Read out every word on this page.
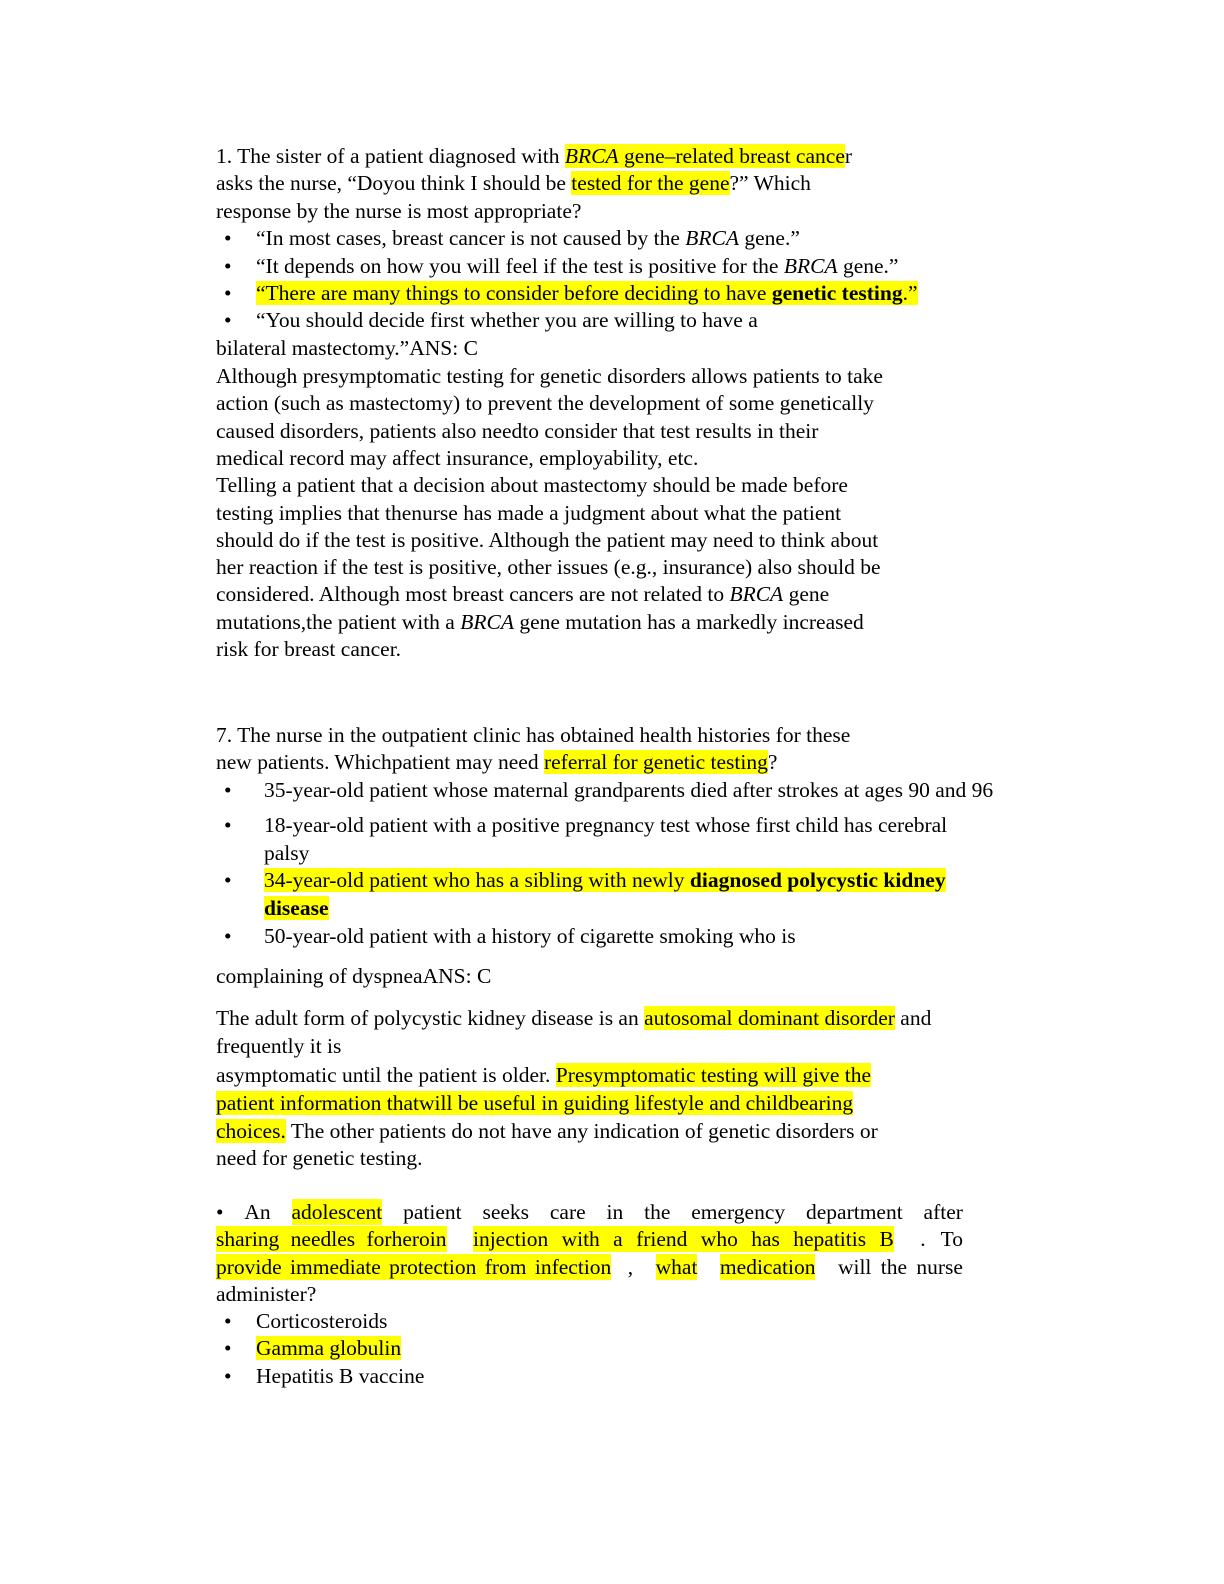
1. The sister of a patient diagnosed with BRCA gene–related breast cancer
asks the nurse, “Doyou think I should be tested for the gene?” Which
response by the nurse is most appropriate?
• “In most cases, breast cancer is not caused by the BRCA gene.”
• “It depends on how you will feel if the test is positive for the BRCA gene.”
• “There are many things to consider before deciding to have genetic testing.”
• “You should decide first whether you are willing to have a
bilateral mastectomy.”ANS: C
Although presymptomatic testing for genetic disorders allows patients to take
action (such as mastectomy) to prevent the development of some genetically
caused disorders, patients also needto consider that test results in their
medical record may affect insurance, employability, etc.
Telling a patient that a decision about mastectomy should be made before
testing implies that thenurse has made a judgment about what the patient
should do if the test is positive. Although the patient may need to think about
her reaction if the test is positive, other issues (e.g., insurance) also should be
considered. Although most breast cancers are not related to BRCA gene
mutations,the patient with a BRCA gene mutation has a markedly increased
risk for breast cancer.
7. The nurse in the outpatient clinic has obtained health histories for these
new patients. Whichpatient may need referral for genetic testing?
• 35-year-old patient whose maternal grandparents died after strokes at ages 90 and 96
• 18-year-old patient with a positive pregnancy test whose first child has cerebral
palsy
• 34-year-old patient who has a sibling with newly diagnosed polycystic kidney
disease
• 50-year-old patient with a history of cigarette smoking who is
complaining of dyspneaANS: C
The adult form of polycystic kidney disease is an autosomal dominant disorder and
frequently it is
asymptomatic until the patient is older. Presymptomatic testing will give the
patient information thatwill be useful in guiding lifestyle and childbearing
choices. The other patients do not have any indication of genetic disorders or
need for genetic testing.
• An adolescent patient seeks care in the emergency department after
sharing needles forheroin injection with a friend who has hepatitis B . To
provide immediate protection from infection , what medication will the nurse
administer?
• Corticosteroids
• Gamma globulin
• Hepatitis B vaccine
